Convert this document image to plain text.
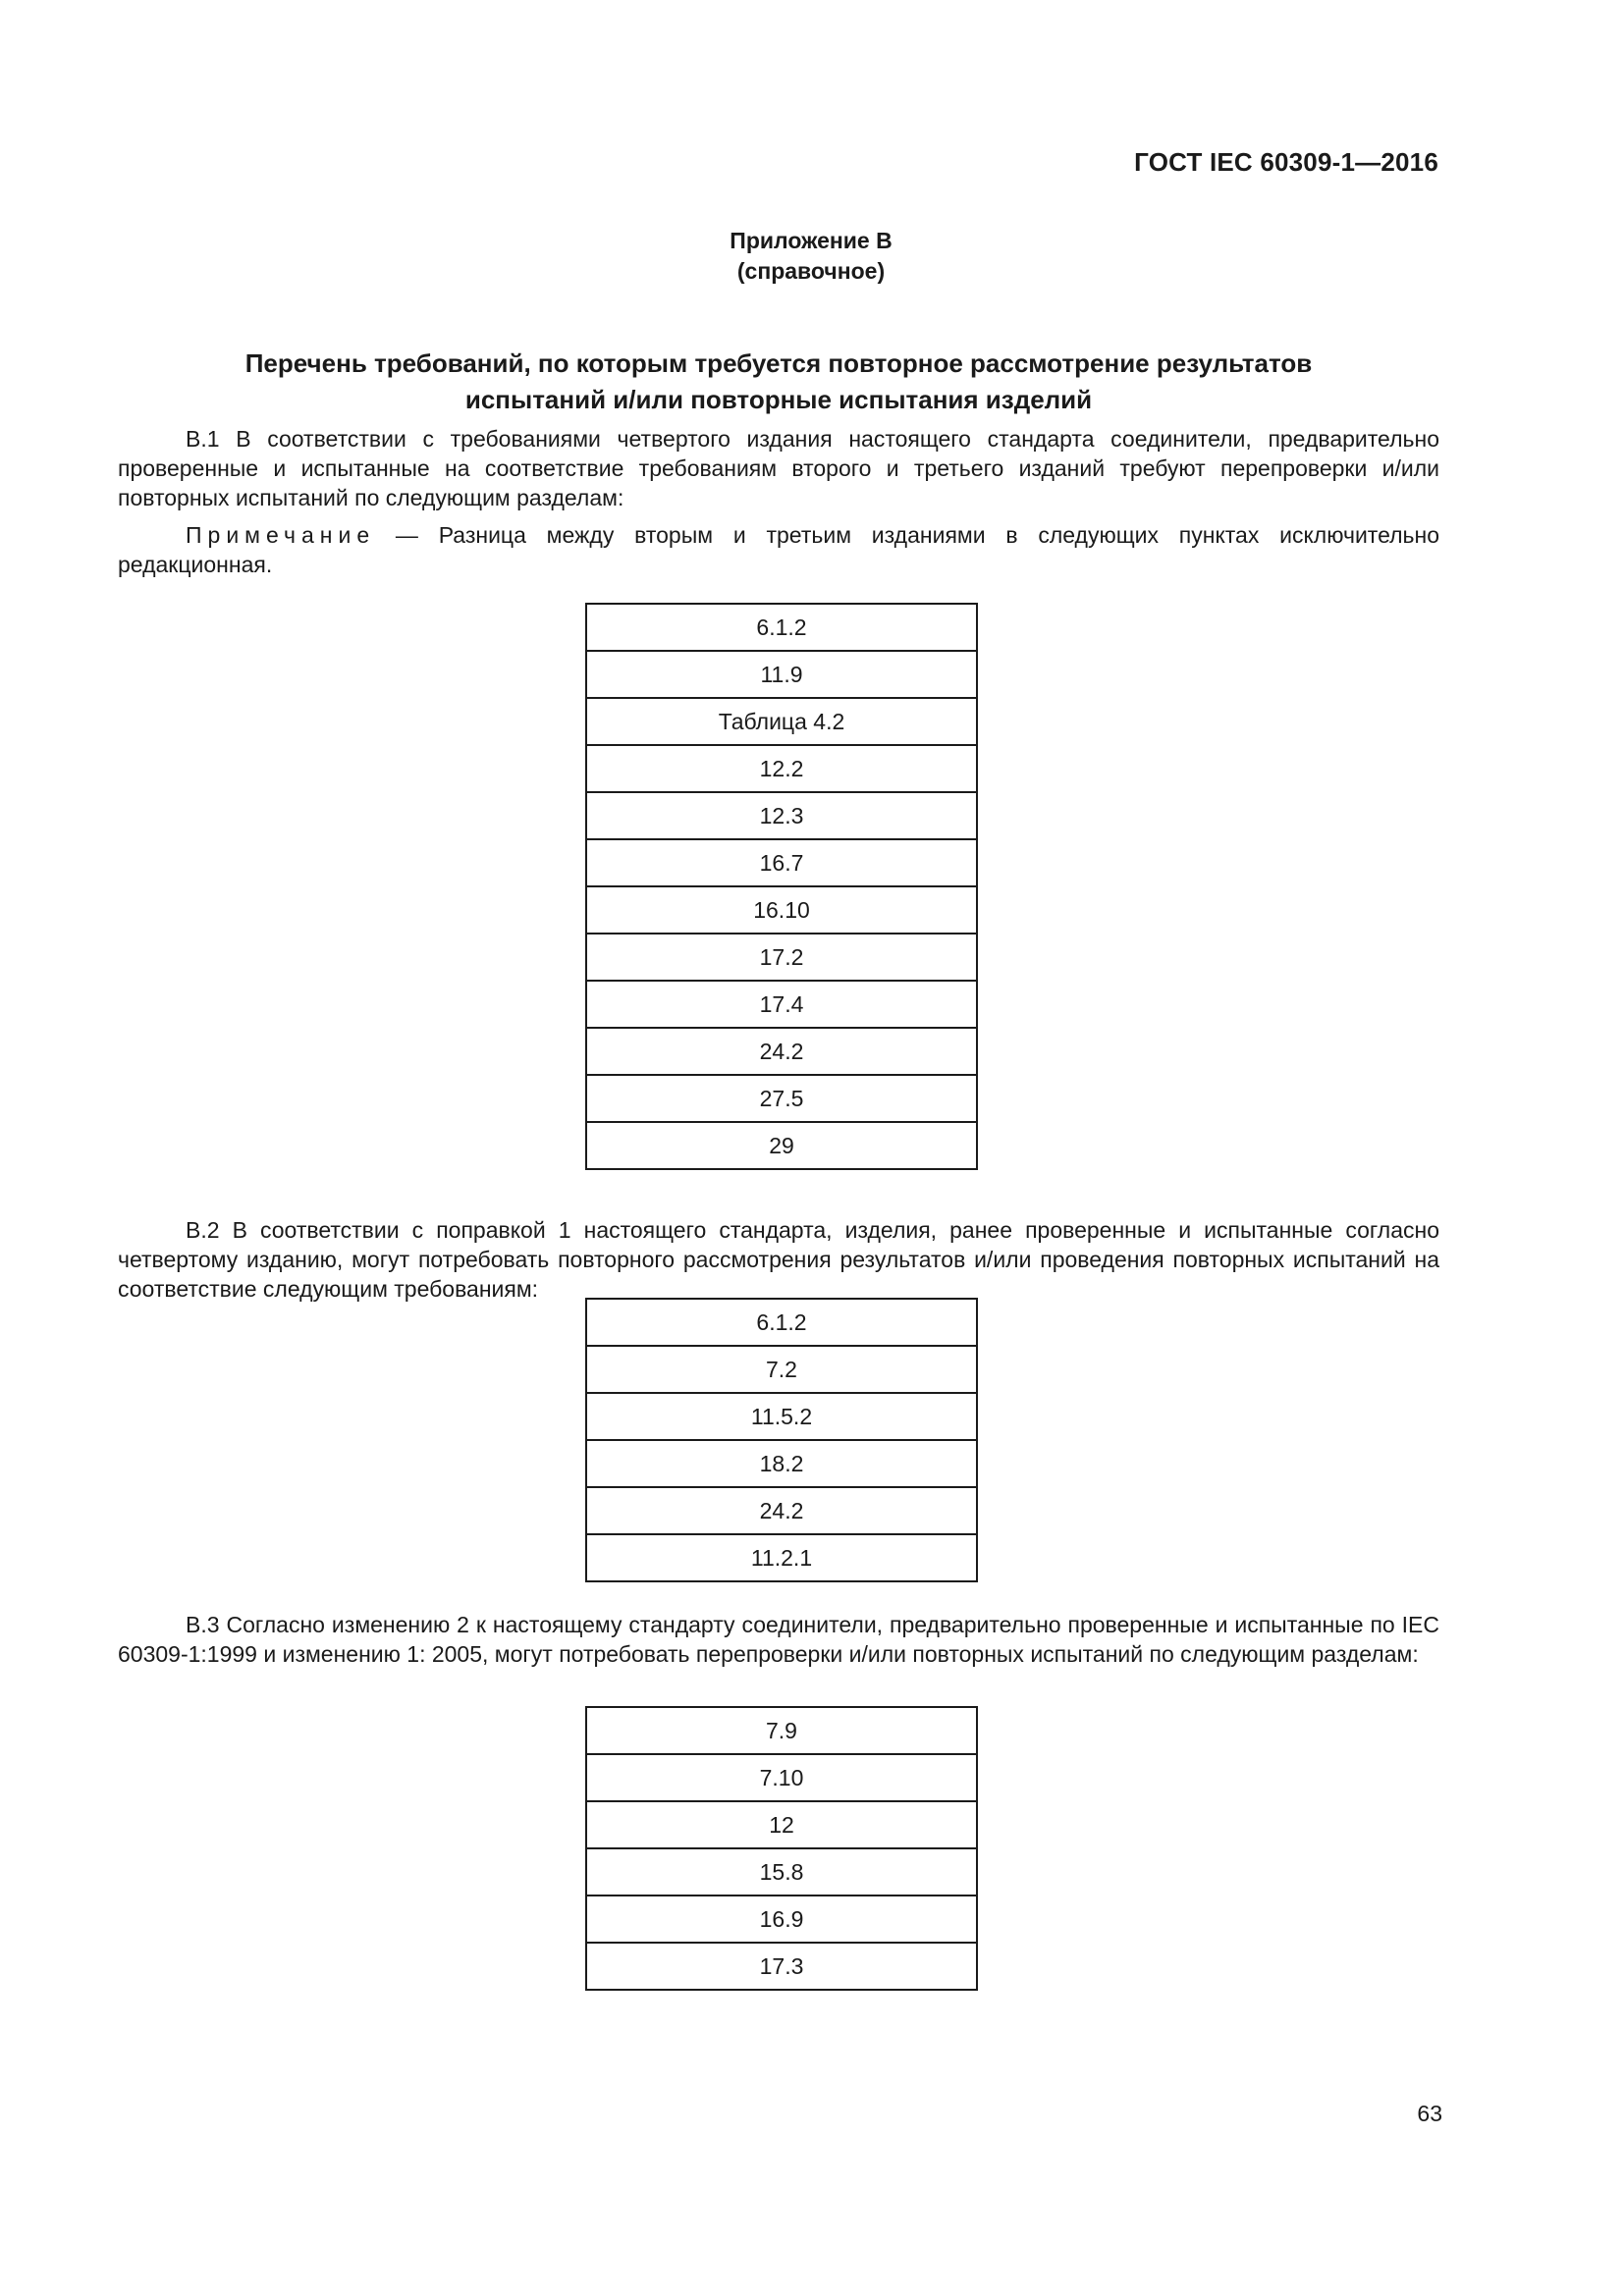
ГОСТ IEC 60309-1—2016
Приложение В
(справочное)
Перечень требований, по которым требуется повторное рассмотрение результатов
испытаний и/или повторные испытания изделий
В.1 В соответствии с требованиями четвертого издания настоящего стандарта соединители, предварительно проверенные и испытанные на соответствие требованиям второго и третьего изданий требуют перепроверки и/или повторных испытаний по следующим разделам:
Примечание — Разница между вторым и третьим изданиями в следующих пунктах исключительно редакционная.
6.1.2
11.9
Таблица 4.2
12.2
12.3
16.7
16.10
17.2
17.4
24.2
27.5
29
В.2 В соответствии с поправкой 1 настоящего стандарта, изделия, ранее проверенные и испытанные согласно четвертому изданию, могут потребовать повторного рассмотрения результатов и/или проведения повторных испытаний на соответствие следующим требованиям:
6.1.2
7.2
11.5.2
18.2
24.2
11.2.1
В.3 Согласно изменению 2 к настоящему стандарту соединители, предварительно проверенные и испытанные по IEC 60309-1:1999 и изменению 1: 2005, могут потребовать перепроверки и/или повторных испытаний по следующим разделам:
7.9
7.10
12
15.8
16.9
17.3
63
